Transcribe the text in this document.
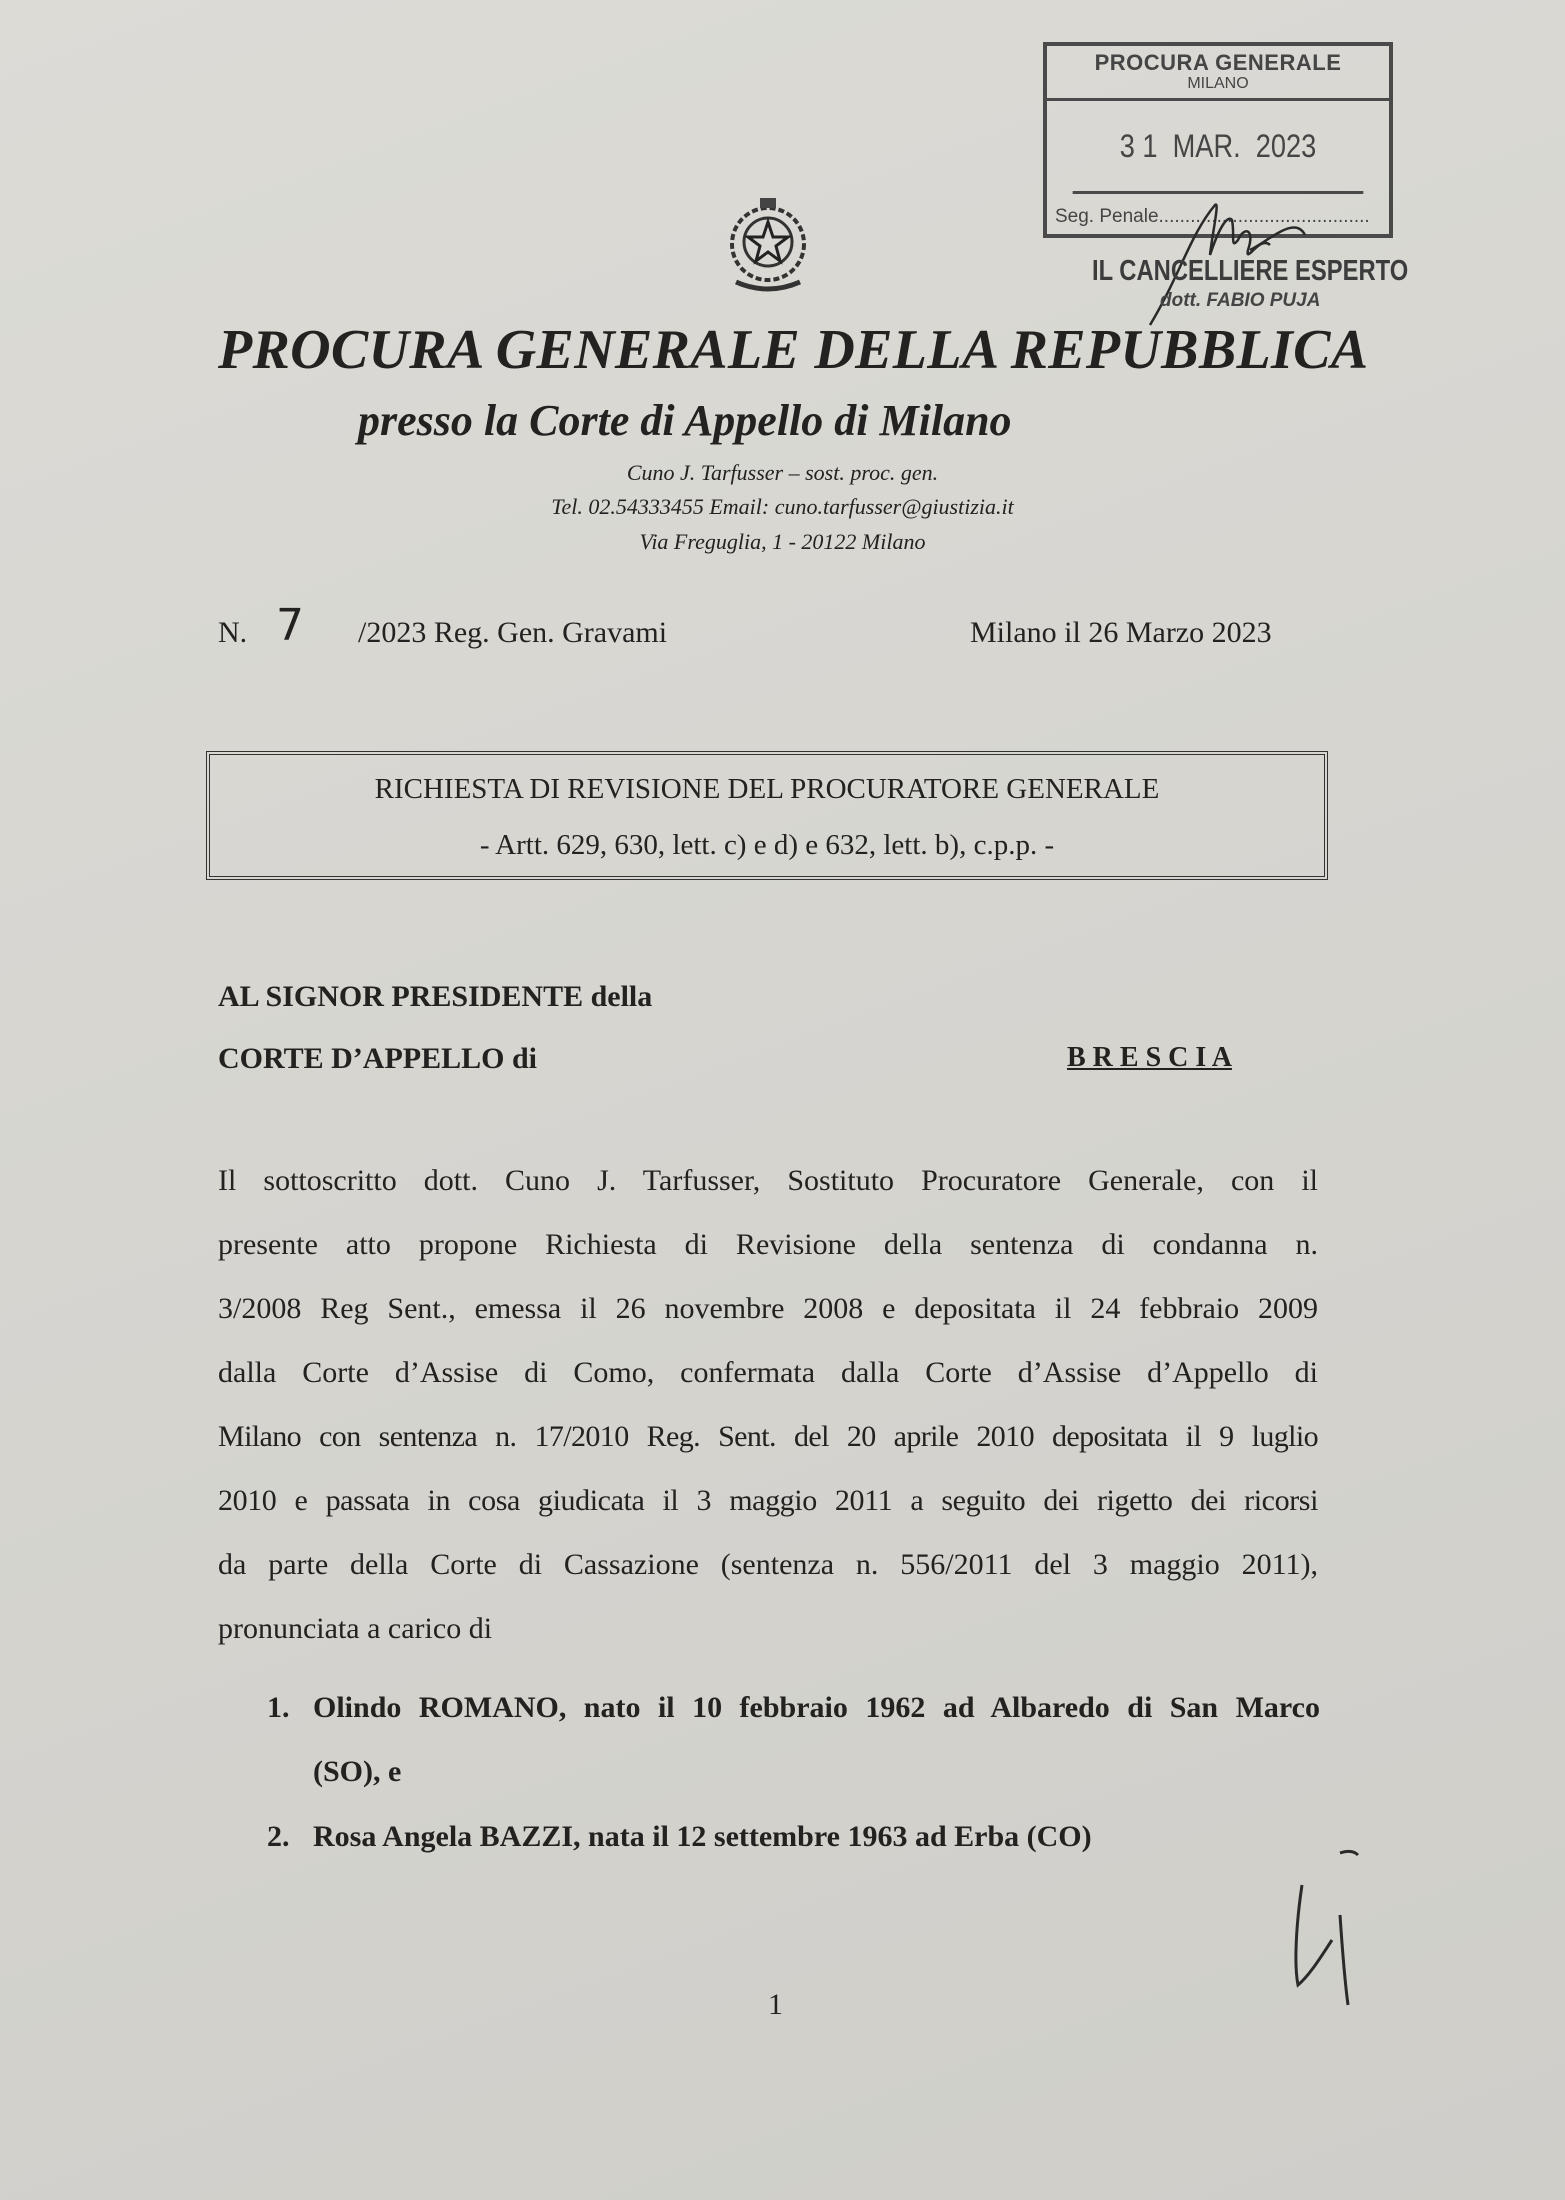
PROCURA GENERALE
MILANO
3 1  MAR.  2023
Seg. Penale........................................
IL CANCELLIERE ESPERTO
dott. FABIO PUJA
PROCURA GENERALE DELLA REPUBBLICA
presso la Corte di Appello di Milano
Cuno J. Tarfusser – sost. proc. gen.
Tel. 02.54333455 Email: cuno.tarfusser@giustizia.it
Via Freguglia, 1 - 20122 Milano
N. 7 /2023 Reg. Gen. Gravami	Milano il 26 Marzo 2023
RICHIESTA DI REVISIONE DEL PROCURATORE GENERALE
- Artt. 629, 630, lett. c) e d) e 632, lett. b), c.p.p. -
AL SIGNOR PRESIDENTE della
CORTE D’APPELLO di	B R E S C I A
Il sottoscritto dott. Cuno J. Tarfusser, Sostituto Procuratore Generale, con il
presente atto propone Richiesta di Revisione della sentenza di condanna n.
3/2008 Reg Sent., emessa il 26 novembre 2008 e depositata il 24 febbraio 2009
dalla Corte d’Assise di Como, confermata dalla Corte d’Assise d’Appello di
Milano con sentenza n. 17/2010 Reg. Sent. del 20 aprile 2010 depositata il 9 luglio
2010 e passata in cosa giudicata il 3 maggio 2011 a seguito dei rigetto dei ricorsi
da parte della Corte di Cassazione (sentenza n. 556/2011 del 3 maggio 2011),
pronunciata a carico di
1. Olindo ROMANO, nato il 10 febbraio 1962 ad Albaredo di San Marco
(SO), e
2. Rosa Angela BAZZI, nata il 12 settembre 1963 ad Erba (CO)
1
